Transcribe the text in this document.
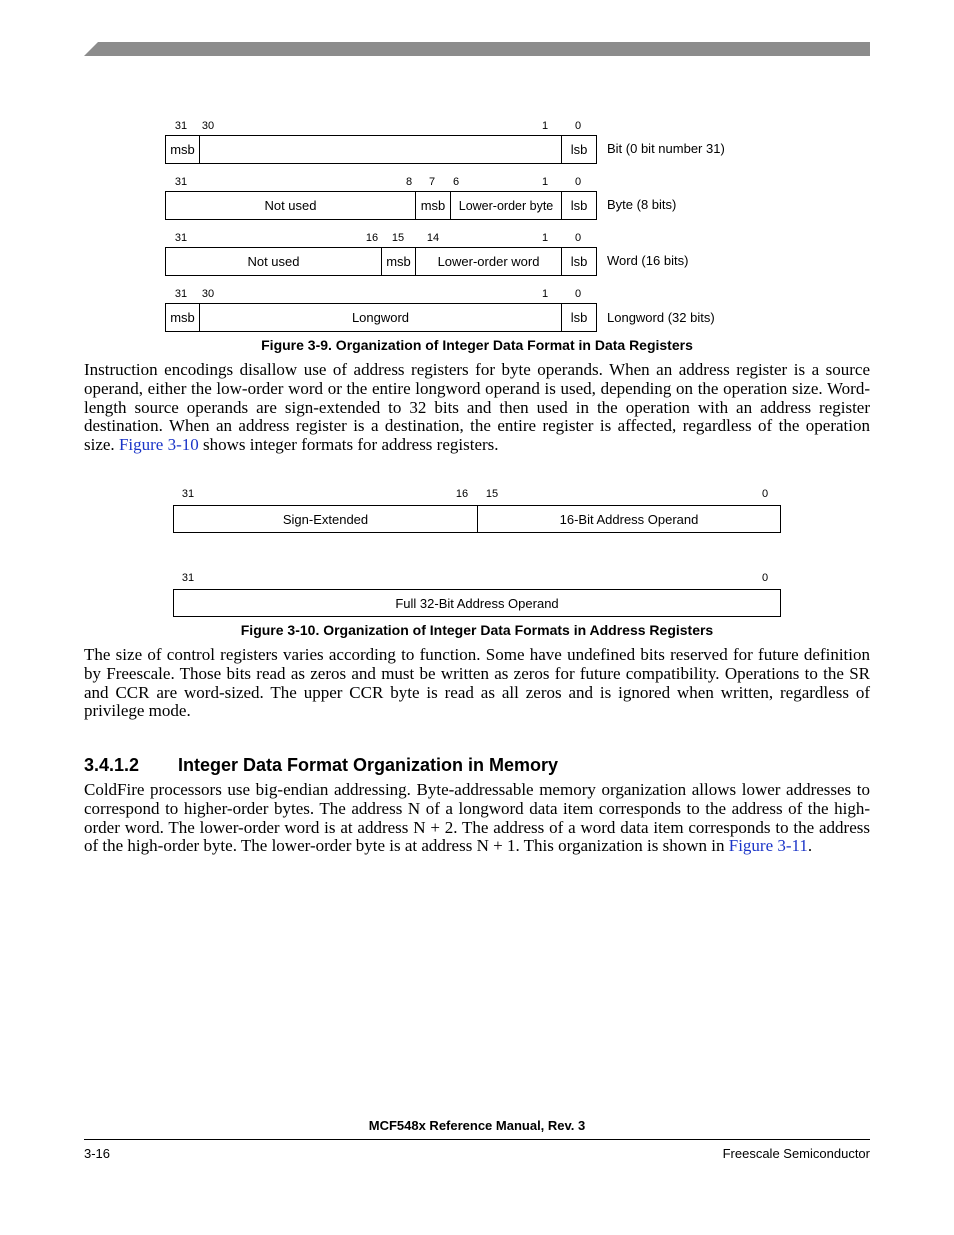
31 30	1 0
msb	lsb	Bit (0 bit number 31)
31	8 7 6	1 0
Not used	msb	Lower-order byte	lsb	Byte (8 bits)
31	16 15 14	1 0
Not used	msb	Lower-order word	lsb	Word (16 bits)
31 30	1 0
msb	Longword	lsb	Longword (32 bits)
Figure 3-9. Organization of Integer Data Format in Data Registers

Instruction encodings disallow use of address registers for byte operands. When an address register is a source operand, either the low-order word or the entire longword operand is used, depending on the operation size. Word-length source operands are sign-extended to 32 bits and then used in the operation with an address register destination. When an address register is a destination, the entire register is affected, regardless of the operation size. Figure 3-10 shows integer formats for address registers.

31	16 15	0
Sign-Extended	16-Bit Address Operand
31	0
Full 32-Bit Address Operand
Figure 3-10. Organization of Integer Data Formats in Address Registers

The size of control registers varies according to function. Some have undefined bits reserved for future definition by Freescale. Those bits read as zeros and must be written as zeros for future compatibility. Operations to the SR and CCR are word-sized. The upper CCR byte is read as all zeros and is ignored when written, regardless of privilege mode.

3.4.1.2 Integer Data Format Organization in Memory

ColdFire processors use big-endian addressing. Byte-addressable memory organization allows lower addresses to correspond to higher-order bytes. The address N of a longword data item corresponds to the address of the high-order word. The lower-order word is at address N + 2. The address of a word data item corresponds to the address of the high-order byte. The lower-order byte is at address N + 1. This organization is shown in Figure 3-11.

MCF548x Reference Manual, Rev. 3
3-16	Freescale Semiconductor
